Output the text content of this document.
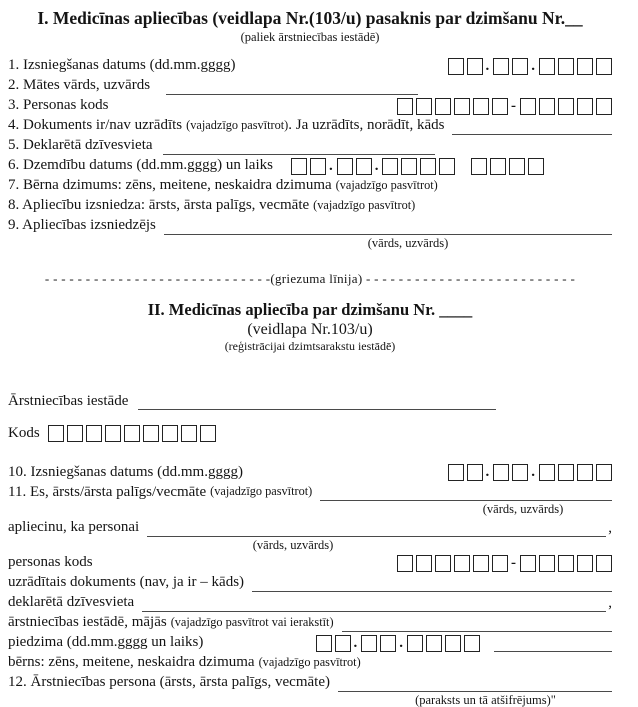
I. Medicīnas apliecības (veidlapa Nr.(103/u) pasaknis par dzimšanu Nr.__
(paliek ārstniecības iestādē)
1. Izsniegšanas datums (dd.mm.gggg)	.	.
2. Mātes vārds, uzvārds
3. Personas kods	-
4. Dokuments ir/nav uzrādīts (vajadzīgo pasvītrot) . Ja uzrādīts, norādīt, kāds
5. Deklarētā dzīvesvieta
6. Dzemdību datums (dd.mm.gggg) un laiks	.	.
7. Bērna dzimums: zēns, meitene, neskaidra dzimuma (vajadzīgo pasvītrot)
8. Apliecību izsniedza: ārsts, ārsta palīgs, vecmāte (vajadzīgo pasvītrot)
9. Apliecības izsniedzējs
(vārds, uzvārds)
- - - - - - - - - - - - - - - - - - - - - - - - - - - -(griezuma līnija) - - - - - - - - - - - - - - - - - - - - - - - - - -
II. Medicīnas apliecība par dzimšanu Nr. ____
(veidlapa Nr.103/u)
(reģistrācijai dzimtsarakstu iestādē)
Ārstniecības iestāde
Kods
10. Izsniegšanas datums (dd.mm.gggg)	.	.
11. Es, ārsts/ārsta palīgs/vecmāte (vajadzīgo pasvītrot)
(vārds, uzvārds)
apliecinu, ka personai	,
(vārds, uzvārds)
personas kods	-
uzrādītais dokuments (nav, ja ir – kāds)
deklarētā dzīvesvieta	,
ārstniecības iestādē, mājās (vajadzīgo pasvītrot vai ierakstīt)
piedzima (dd.mm.gggg un laiks)	.	.
bērns: zēns, meitene, neskaidra dzimuma (vajadzīgo pasvītrot)
12. Ārstniecības persona (ārsts, ārsta palīgs, vecmāte)
(paraksts un tā atšifrējums)"
